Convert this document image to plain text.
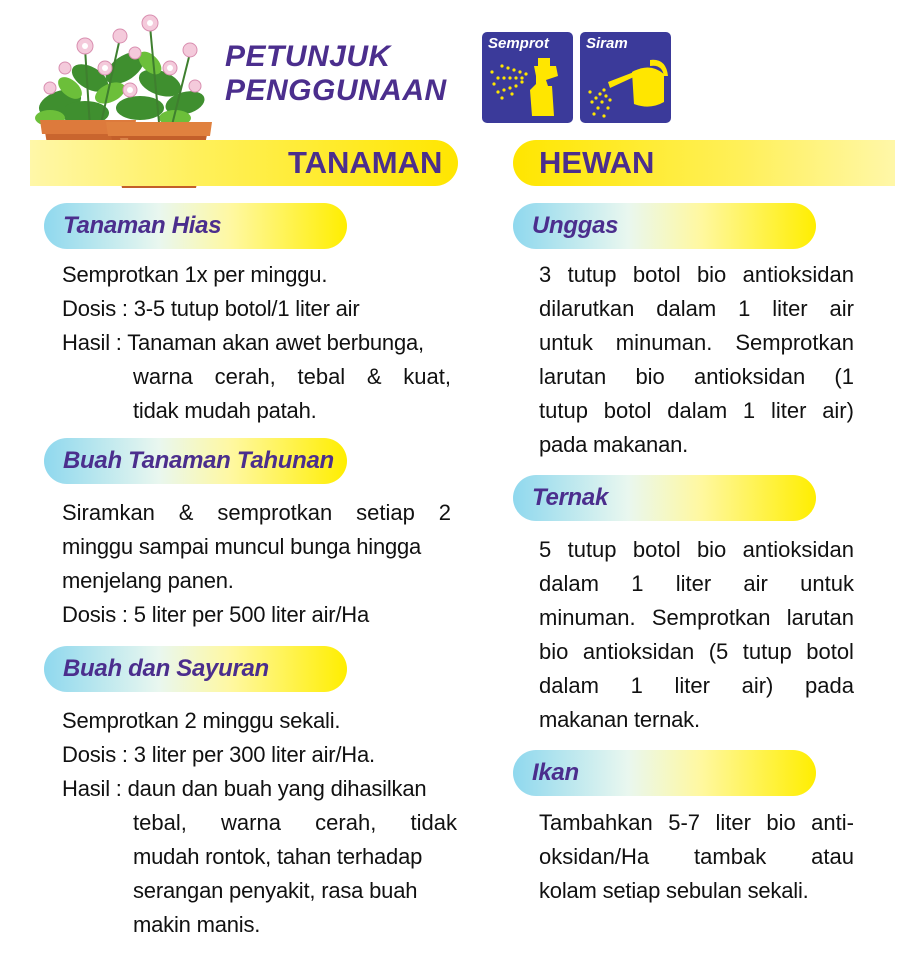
PETUNJUK
PENGGUNAAN
Semprot Siram
TANAMAN	HEWAN
Tanaman Hias
Semprotkan 1x per minggu.
Dosis : 3-5 tutup botol/1 liter air
Hasil : Tanaman akan awet berbunga,
warna cerah, tebal & kuat,
tidak mudah patah.
Buah Tanaman Tahunan
Siramkan & semprotkan setiap 2
minggu sampai muncul bunga hingga
menjelang panen.
Dosis : 5 liter per 500 liter air/Ha
Buah dan Sayuran
Semprotkan 2 minggu sekali.
Dosis : 3 liter per 300 liter air/Ha.
Hasil : daun dan buah yang dihasilkan
tebal, warna cerah, tidak
mudah rontok, tahan terhadap
serangan penyakit, rasa buah
makin manis.
Unggas
3 tutup botol bio antioksidan
dilarutkan dalam 1 liter air
untuk minuman. Semprotkan
larutan bio antioksidan (1
tutup botol dalam 1 liter air)
pada makanan.
Ternak
5 tutup botol bio antioksidan
dalam 1 liter air untuk
minuman. Semprotkan larutan
bio antioksidan (5 tutup botol
dalam 1 liter air) pada
makanan ternak.
Ikan
Tambahkan 5-7 liter bio anti-
oksidan/Ha tambak atau
kolam setiap sebulan sekali.
